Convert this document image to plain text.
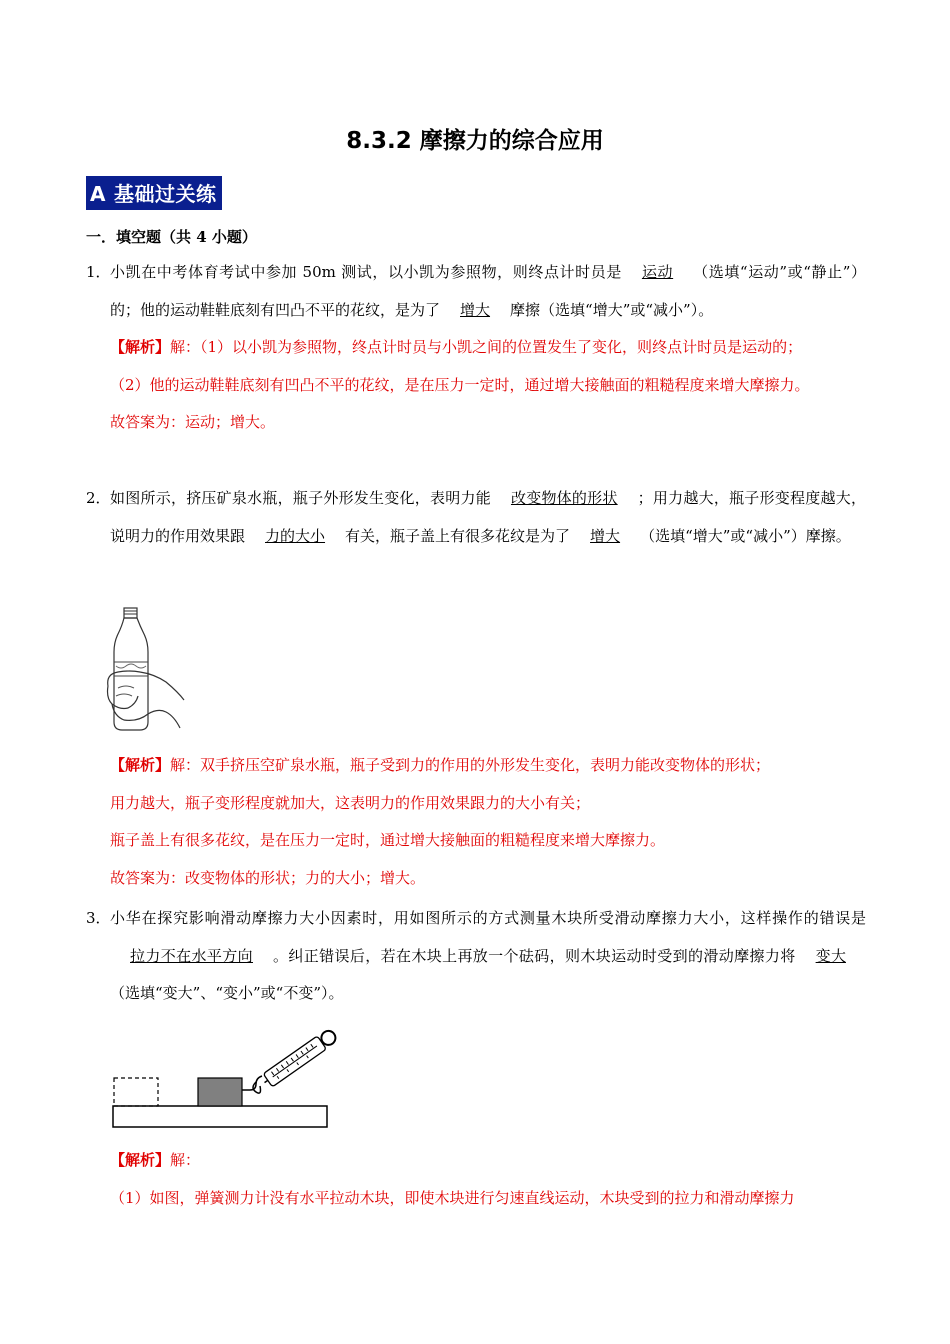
8.3.2 摩擦力的综合应用
A 基础过关练
一．填空题（共 4 小题）
1． 小凯在中考体育考试中参加 50m 测试，以小凯为参照物，则终点计时员是 运动 （选填“运动”或“静止”）的；他的运动鞋鞋底刻有凹凸不平的花纹，是为了 增大 摩擦（选填“增大”或“减小”）。
【解析】解：（1）以小凯为参照物，终点计时员与小凯之间的位置发生了变化，则终点计时员是运动的；
（2）他的运动鞋鞋底刻有凹凸不平的花纹，是在压力一定时，通过增大接触面的粗糙程度来增大摩擦力。
故答案为：运动；增大。
2． 如图所示，挤压矿泉水瓶，瓶子外形发生变化，表明力能 改变物体的形状 ；用力越大，瓶子形变程度越大，说明力的作用效果跟 力的大小 有关，瓶子盖上有很多花纹是为了 增大 （选填“增大”或“减小”）摩擦。
【解析】解：双手挤压空矿泉水瓶，瓶子受到力的作用的外形发生变化，表明力能改变物体的形状；
用力越大，瓶子变形程度就加大，这表明力的作用效果跟力的大小有关；
瓶子盖上有很多花纹，是在压力一定时，通过增大接触面的粗糙程度来增大摩擦力。
故答案为：改变物体的形状；力的大小；增大。
3． 小华在探究影响滑动摩擦力大小因素时，用如图所示的方式测量木块所受滑动摩擦力大小，这样操作的错误是拉力不在水平方向 。纠正错误后，若在木块上再放一个砝码，则木块运动时受到的滑动摩擦力将 变大（选填“变大”、“变小”或“不变”）。
【解析】解：
（1）如图，弹簧测力计没有水平拉动木块，即使木块进行匀速直线运动，木块受到的拉力和滑动摩擦力
